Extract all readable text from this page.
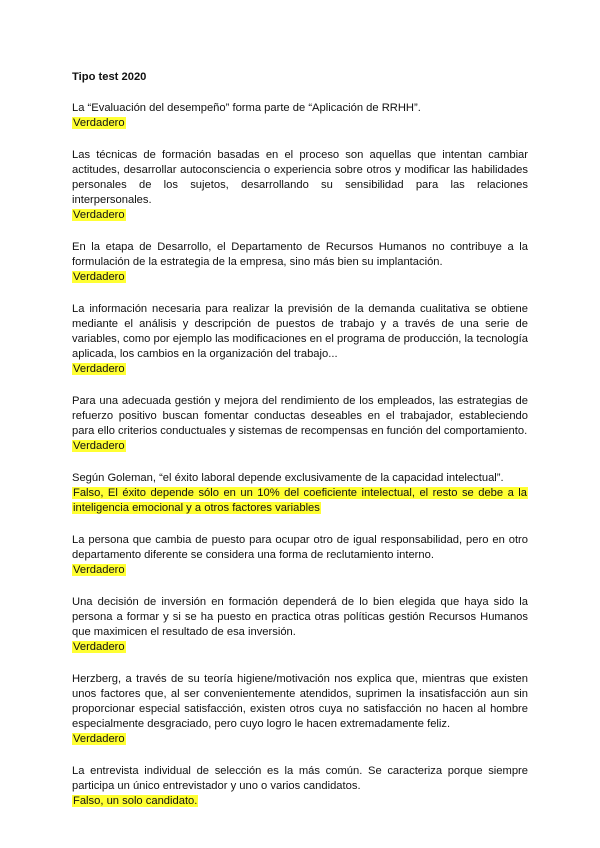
Tipo test 2020

La “Evaluación del desempeño” forma parte de “Aplicación de RRHH”.

Verdadero

Las técnicas de formación basadas en el proceso son aquellas que intentan cambiar actitudes, desarrollar autoconsciencia o experiencia sobre otros y modificar las habilidades personales de los sujetos, desarrollando su sensibilidad para las relaciones interpersonales.

Verdadero

En la etapa de Desarrollo, el Departamento de Recursos Humanos no contribuye a la formulación de la estrategia de la empresa, sino más bien su implantación.

Verdadero

La información necesaria para realizar la previsión de la demanda cualitativa se obtiene mediante el análisis y descripción de puestos de trabajo y a través de una serie de variables, como por ejemplo las modificaciones en el programa de producción, la tecnología aplicada, los cambios en la organización del trabajo...

Verdadero

Para una adecuada gestión y mejora del rendimiento de los empleados, las estrategias de refuerzo positivo buscan fomentar conductas deseables en el trabajador, estableciendo para ello criterios conductuales y sistemas de recompensas en función del comportamiento.

Verdadero

Según Goleman, “el éxito laboral depende exclusivamente de la capacidad intelectual”.

Falso, El éxito depende sólo en un 10% del coeficiente intelectual, el resto se debe a la inteligencia emocional y a otros factores variables

La persona que cambia de puesto para ocupar otro de igual responsabilidad, pero en otro departamento diferente se considera una forma de reclutamiento interno.

Verdadero

Una decisión de inversión en formación dependerá de lo bien elegida que haya sido la persona a formar y si se ha puesto en practica otras políticas gestión Recursos Humanos que maximicen el resultado de esa inversión.

Verdadero

Herzberg, a través de su teoría higiene/motivación nos explica que, mientras que existen unos factores que, al ser convenientemente atendidos, suprimen la insatisfacción aun sin proporcionar especial satisfacción, existen otros cuya no satisfacción no hacen al hombre especialmente desgraciado, pero cuyo logro le hacen extremadamente feliz.

Verdadero

La entrevista individual de selección es la más común. Se caracteriza porque siempre participa un único entrevistador y uno o varios candidatos.

Falso, un solo candidato.
